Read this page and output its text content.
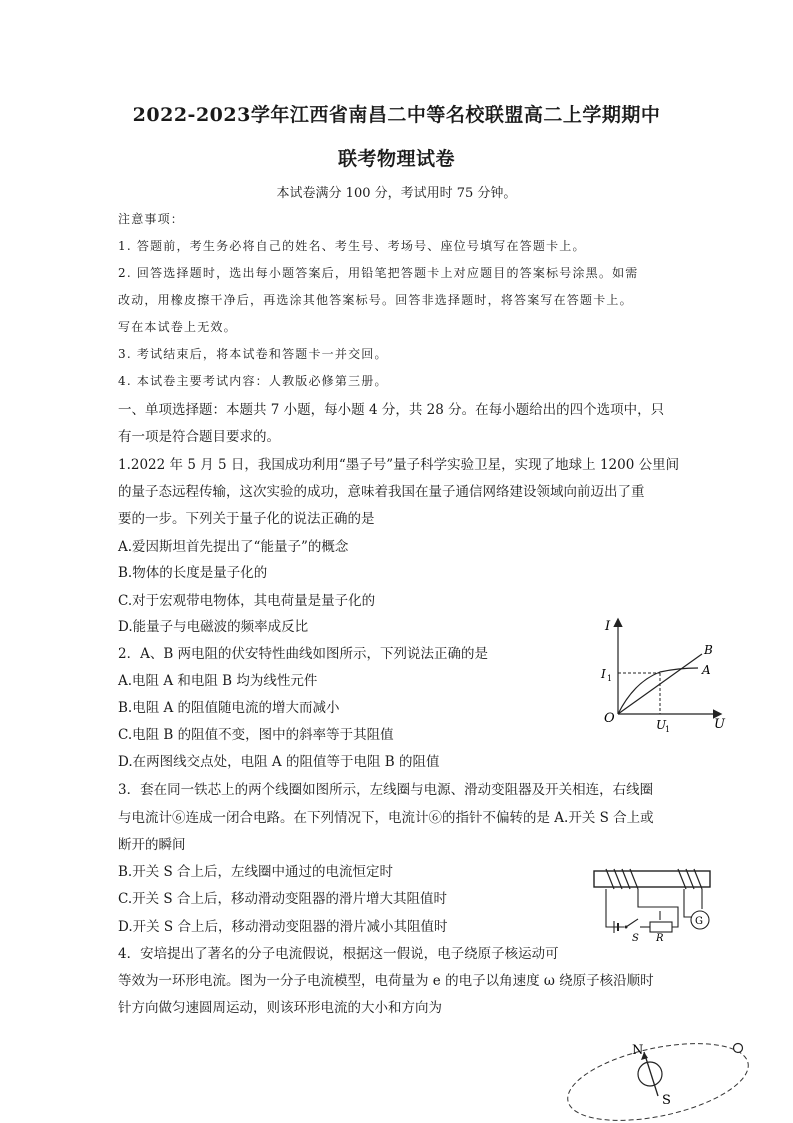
2022-2023学年江西省南昌二中等名校联盟高二上学期期中
联考物理试卷
本试卷满分 100 分，考试用时 75 分钟。
注意事项：
1. 答题前，考生务必将自己的姓名、考生号、考场号、座位号填写在答题卡上。
2. 回答选择题时，选出每小题答案后，用铅笔把答题卡上对应题目的答案标号涂黑。如需
改动，用橡皮擦干净后，再选涂其他答案标号。回答非选择题时，将答案写在答题卡上。
写在本试卷上无效。
3. 考试结束后，将本试卷和答题卡一并交回。
4. 本试卷主要考试内容：人教版必修第三册。
一、单项选择题：本题共 7 小题，每小题 4 分，共 28 分。在每小题给出的四个选项中，只
有一项是符合题目要求的。
1.2022 年 5 月 5 日，我国成功利用“墨子号”量子科学实验卫星，实现了地球上 1200 公里间
的量子态远程传输，这次实验的成功，意味着我国在量子通信网络建设领域向前迈出了重
要的一步。下列关于量子化的说法正确的是
A.爱因斯坦首先提出了“能量子”的概念
B.物体的长度是量子化的
C.对于宏观带电物体，其电荷量是量子化的
D.能量子与电磁波的频率成反比
2．A、B 两电阻的伏安特性曲线如图所示，下列说法正确的是
A.电阻 A 和电阻 B 均为线性元件
B.电阻 A 的阻值随电流的增大而减小
C.电阻 B 的阻值不变，图中的斜率等于其阻值
D.在两图线交点处，电阻 A 的阻值等于电阻 B 的阻值
I
U
O
I 1
U
1
B
A
3．套在同一铁芯上的两个线圈如图所示，左线圈与电源、滑动变阻器及开关相连，右线圈
与电流计⑥连成一闭合电路。在下列情况下，电流计⑥的指针不偏转的是 A.开关 S 合上或
断开的瞬间
B.开关 S 合上后，左线圈中通过的电流恒定时
C.开关 S 合上后，移动滑动变阻器的滑片增大其阻值时
D.开关 S 合上后，移动滑动变阻器的滑片减小其阻值时
S R
G
4．安培提出了著名的分子电流假说，根据这一假说，电子绕原子核运动可
等效为一环形电流。图为一分子电流模型，电荷量为 e 的电子以角速度 ω 绕原子核沿顺时
针方向做匀速圆周运动，则该环形电流的大小和方向为
N
S
